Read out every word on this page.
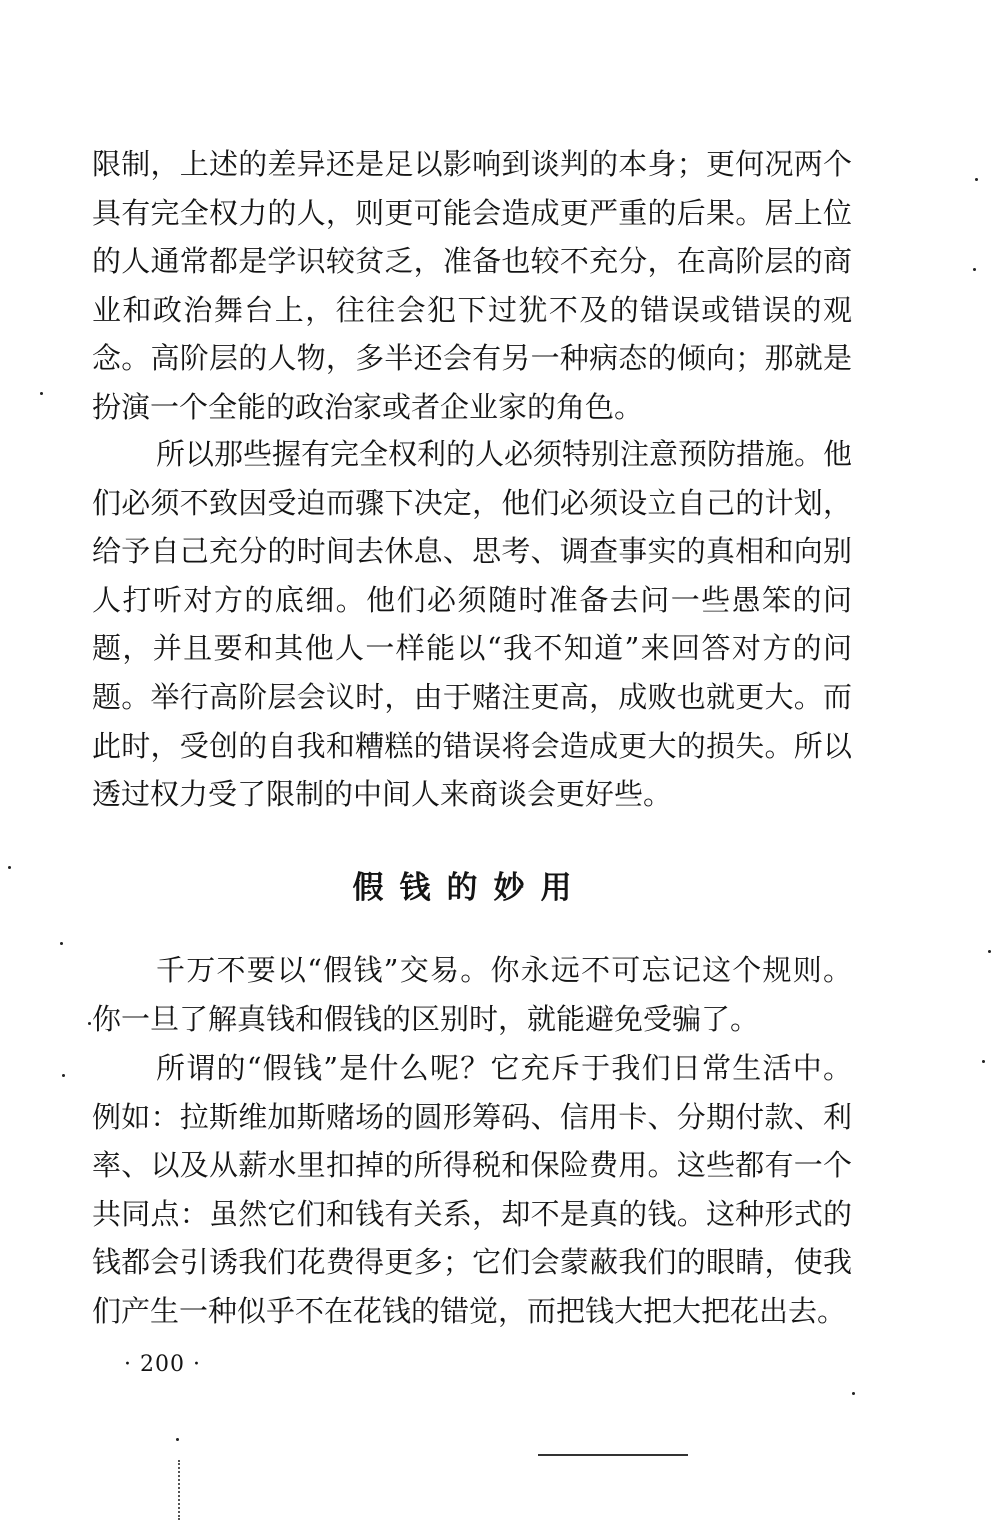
限制，上述的差异还是足以影响到谈判的本身；更何况两个具有完全权力的人，则更可能会造成更严重的后果。居上位的人通常都是学识较贫乏，准备也较不充分，在高阶层的商业和政治舞台上，往往会犯下过犹不及的错误或错误的观念。高阶层的人物，多半还会有另一种病态的倾向；那就是扮演一个全能的政治家或者企业家的角色。

所以那些握有完全权利的人必须特别注意预防措施。他们必须不致因受迫而骤下决定，他们必须设立自己的计划，给予自己充分的时间去休息、思考、调查事实的真相和向别人打听对方的底细。他们必须随时准备去问一些愚笨的问题，并且要和其他人一样能以“我不知道”来回答对方的问题。举行高阶层会议时，由于赌注更高，成败也就更大。而此时，受创的自我和糟糕的错误将会造成更大的损失。所以透过权力受了限制的中间人来商谈会更好些。

假钱的妙用

千万不要以“假钱”交易。你永远不可忘记这个规则。你一旦了解真钱和假钱的区别时，就能避免受骗了。

所谓的“假钱”是什么呢？它充斥于我们日常生活中。例如：拉斯维加斯赌场的圆形筹码、信用卡、分期付款、利率、以及从薪水里扣掉的所得税和保险费用。这些都有一个共同点：虽然它们和钱有关系，却不是真的钱。这种形式的钱都会引诱我们花费得更多；它们会蒙蔽我们的眼睛，使我们产生一种似乎不在花钱的错觉，而把钱大把大把花出去。

· 200 ·
